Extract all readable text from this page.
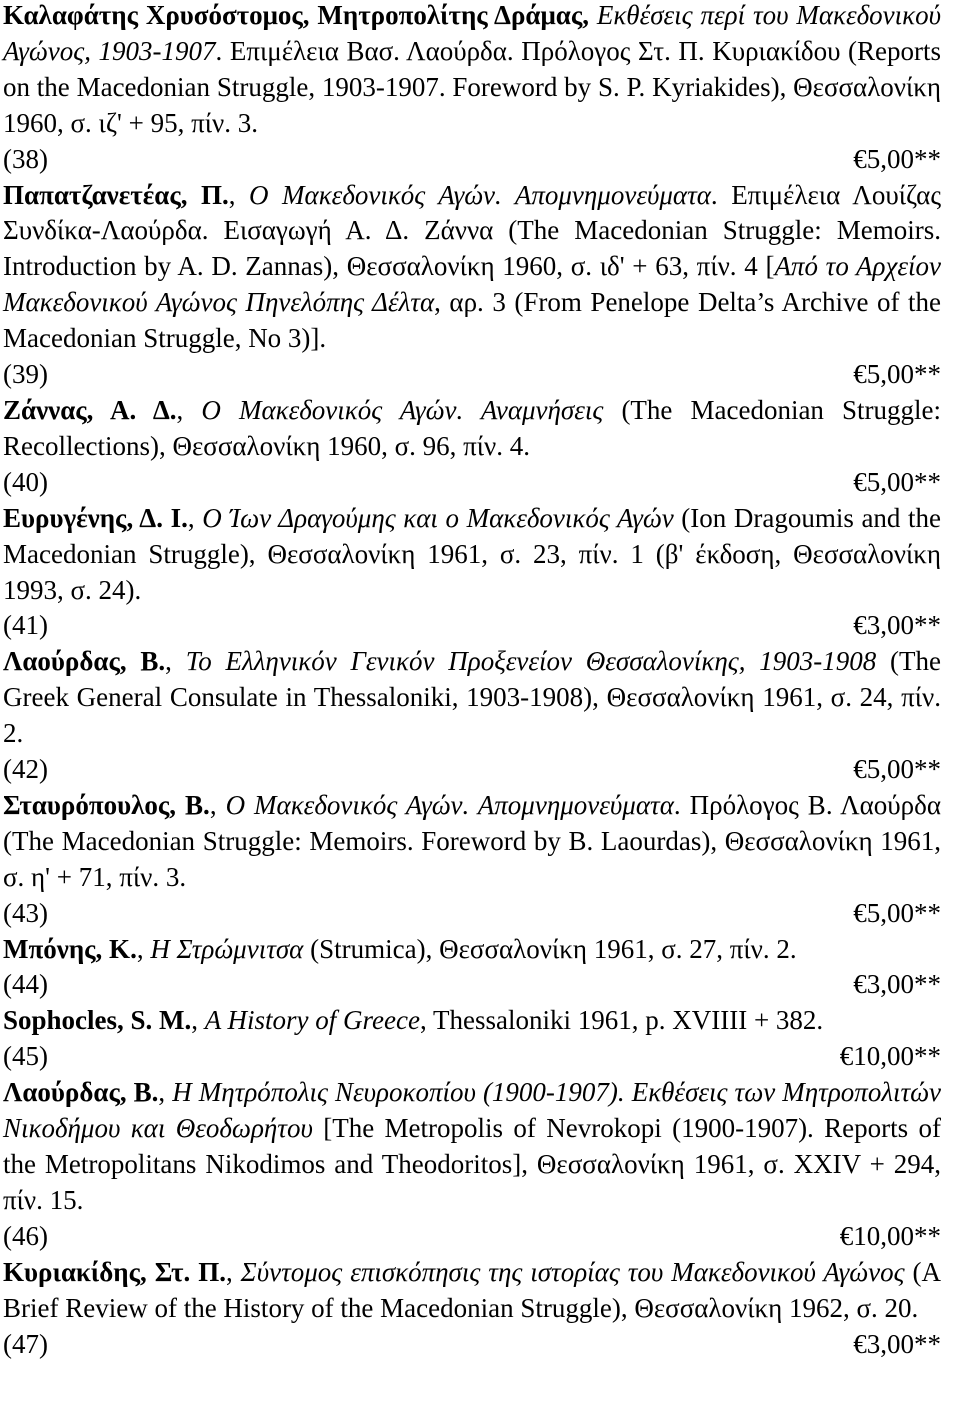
Καλαφάτης Χρυσόστομος, Μητροπολίτης Δράμας, Εκθέσεις περί του Μακεδονικού Αγώνος, 1903-1907. Επιμέλεια Βασ. Λαούρδα. Πρόλογος Στ. Π. Κυριακίδου (Reports on the Macedonian Struggle, 1903-1907. Foreword by S. P. Kyriakides), Θεσσαλονίκη 1960, σ. ιζ' + 95, πίν. 3.
(38)	€5,00**
Παπατζανετέας, Π., Ο Μακεδονικός Αγών. Απομνημονεύματα. Επιμέλεια Λουίζας Συνδίκα-Λαούρδα. Εισαγωγή Α. Δ. Ζάννα (The Macedonian Struggle: Memoirs. Introduction by A. D. Zannas), Θεσσαλονίκη 1960, σ. ιδ' + 63, πίν. 4 [Από το Αρχείον Μακεδονικού Αγώνος Πηνελόπης Δέλτα, αρ. 3 (From Penelope Delta’s Archive of the Macedonian Struggle, No 3)].
(39)	€5,00**
Ζάννας, Α. Δ., Ο Μακεδονικός Αγών. Αναμνήσεις (The Macedonian Struggle: Recollections), Θεσσαλονίκη 1960, σ. 96, πίν. 4.
(40)	€5,00**
Ευρυγένης, Δ. Ι., Ο Ίων Δραγούμης και ο Μακεδονικός Αγών (Ion Dragoumis and the Macedonian Struggle), Θεσσαλονίκη 1961, σ. 23, πίν. 1 (β' έκδοση, Θεσσαλονίκη 1993, σ. 24).
(41)	€3,00**
Λαούρδας, Β., Το Ελληνικόν Γενικόν Προξενείον Θεσσαλονίκης, 1903-1908 (The Greek General Consulate in Thessaloniki, 1903-1908), Θεσσαλονίκη 1961, σ. 24, πίν. 2.
(42)	€5,00**
Σταυρόπουλος, Β., Ο Μακεδονικός Αγών. Απομνημονεύματα. Πρόλογος Β. Λαούρδα (The Macedonian Struggle: Memoirs. Foreword by B. Laourdas), Θεσσαλονίκη 1961, σ. η' + 71, πίν. 3.
(43)	€5,00**
Μπόνης, Κ., Η Στρώμνιτσα (Strumica), Θεσσαλονίκη 1961, σ. 27, πίν. 2.
(44)	€3,00**
Sophocles, S. M., A History of Greece, Thessaloniki 1961, p. XVIIII + 382.
(45)	€10,00**
Λαούρδας, Β., Η Μητρόπολις Νευροκοπίου (1900-1907). Εκθέσεις των Μητροπολιτών Νικοδήμου και Θεοδωρήτου [The Metropolis of Nevrokopi (1900-1907). Reports of the Metropolitans Nikodimos and Theodoritos], Θεσσαλονίκη 1961, σ. XXIV + 294, πίν. 15.
(46)	€10,00**
Κυριακίδης, Στ. Π., Σύντομος επισκόπησις της ιστορίας του Μακεδονικού Αγώνος (A Brief Review of the History of the Macedonian Struggle), Θεσσαλονίκη 1962, σ. 20.
(47)	€3,00**
